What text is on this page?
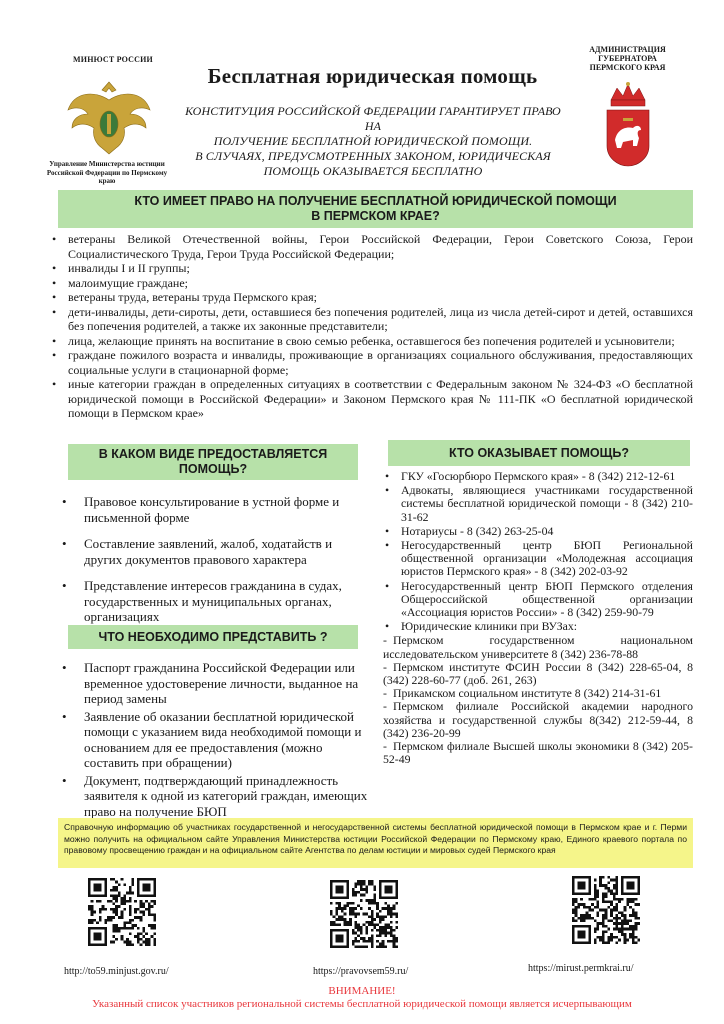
МИНЮСТ РОССИИ
Управление Министерства юстиции Российской Федерации по Пермскому краю
Бесплатная юридическая помощь
КОНСТИТУЦИЯ РОССИЙСКОЙ ФЕДЕРАЦИИ ГАРАНТИРУЕТ ПРАВО НА
ПОЛУЧЕНИЕ БЕСПЛАТНОЙ ЮРИДИЧЕСКОЙ ПОМОЩИ.
В СЛУЧАЯХ, ПРЕДУСМОТРЕННЫХ ЗАКОНОМ, ЮРИДИЧЕСКАЯ
ПОМОЩЬ ОКАЗЫВАЕТСЯ БЕСПЛАТНО
АДМИНИСТРАЦИЯ
ГУБЕРНАТОРА
ПЕРМСКОГО КРАЯ
КТО ИМЕЕТ ПРАВО НА ПОЛУЧЕНИЕ БЕСПЛАТНОЙ ЮРИДИЧЕСКОЙ ПОМОЩИ
В ПЕРМСКОМ КРАЕ?
• ветераны Великой Отечественной войны, Герои Российской Федерации, Герои Советского Союза, Герои Социалистического Труда, Герои Труда Российской Федерации;
• инвалиды I и II группы;
• малоимущие граждане;
• ветераны труда, ветераны труда Пермского края;
• дети-инвалиды, дети-сироты, дети, оставшиеся без попечения родителей, лица из числа детей-сирот и детей, оставшихся без попечения родителей, а также их законные представители;
• лица, желающие принять на воспитание в свою семью ребенка, оставшегося без попечения родителей и усыновители;
• граждане пожилого возраста и инвалиды, проживающие в организациях социального обслуживания, предоставляющих социальные услуги в стационарной форме;
• иные категории граждан в определенных ситуациях в соответствии с Федеральным законом № 324-ФЗ «О бесплатной юридической помощи в Российской Федерации» и Законом Пермского края № 111-ПК «О бесплатной юридической помощи в Пермском крае»
В КАКОМ ВИДЕ ПРЕДОСТАВЛЯЕТСЯ
ПОМОЩЬ?
• Правовое консультирование в устной форме и письменной форме
• Составление заявлений, жалоб, ходатайств и других документов правового характера
• Представление интересов гражданина в судах, государственных и муниципальных органах, организациях
ЧТО НЕОБХОДИМО ПРЕДСТАВИТЬ ?
• Паспорт гражданина Российской Федерации или временное удостоверение личности, выданное на период замены
• Заявление об оказании бесплатной юридической помощи с указанием вида необходимой помощи и основанием для ее предоставления (можно составить при обращении)
• Документ, подтверждающий принадлежность заявителя к одной из категорий граждан, имеющих право на получение БЮП
КТО ОКАЗЫВАЕТ ПОМОЩЬ?
• ГКУ «Госюрбюро Пермского края» - 8 (342) 212-12-61
• Адвокаты, являющиеся участниками государственной системы бесплатной юридической помощи - 8 (342) 210-31-62
• Нотариусы - 8 (342) 263-25-04
• Негосударственный центр БЮП Региональной общественной организации «Молодежная ассоциация юристов Пермского края» - 8 (342) 202-03-92
• Негосударственный центр БЮП Пермского отделения Общероссийской общественной организации «Ассоциация юристов России» - 8 (342) 259-90-79
• Юридические клиники при ВУЗах:
- Пермском государственном национальном исследовательском университете 8 (342) 236-78-88
- Пермском институте ФСИН России 8 (342) 228-65-04, 8 (342) 228-60-77 (доб. 261, 263)
- Прикамском социальном институте 8 (342) 214-31-61
- Пермском филиале Российской академии народного хозяйства и государственной службы 8(342) 212-59-44, 8 (342) 236-20-99
- Пермском филиале Высшей школы экономики 8 (342) 205-52-49
Справочную информацию об участниках государственной и негосударственной системы бесплатной юридической помощи в Пермском крае и г. Перми можно получить на официальном сайте Управления Министерства юстиции Российской Федерации по Пермскому краю, Единого краевого портала по правовому просвещению граждан и на официальном сайте Агентства по делам юстиции и мировых судей Пермского края
http://to59.minjust.gov.ru/	https://pravovsem59.ru/	https://mirust.permkrai.ru/
ВНИМАНИЕ!
Указанный список участников региональной системы бесплатной юридической помощи является исчерпывающим
